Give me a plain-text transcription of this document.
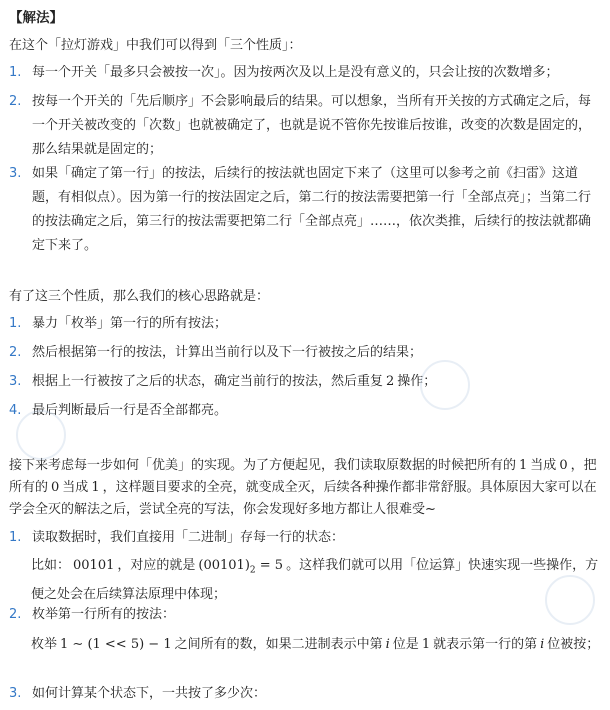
【解法】
在这个「拉灯游戏」中我们可以得到「三个性质」：
1. 每一个开关「最多只会被按一次」。因为按两次及以上是没有意义的，只会让按的次数增多；
2. 按每一个开关的「先后顺序」不会影响最后的结果。可以想象，当所有开关按的方式确定之后，每一个开关被改变的「次数」也就被确定了，也就是说不管你先按谁后按谁，改变的次数是固定的，那么结果就是固定的；
3. 如果「确定了第一行」的按法，后续行的按法就也固定下来了（这里可以参考之前《扫雷》这道题，有相似点）。因为第一行的按法固定之后，第二行的按法需要把第一行「全部点亮」；当第二行的按法确定之后，第三行的按法需要把第二行「全部点亮」……，依次类推，后续行的按法就都确定下来了。
有了这三个性质，那么我们的核心思路就是：
1. 暴力「枚举」第一行的所有按法；
2. 然后根据第一行的按法，计算出当前行以及下一行被按之后的结果；
3. 根据上一行被按了之后的状态，确定当前行的按法，然后重复 2 操作；
4. 最后判断最后一行是否全部都亮。
接下来考虑每一步如何「优美」的实现。为了方便起见，我们读取原数据的时候把所有的 1 当成 0 ，把所有的 0 当成 1 ，这样题目要求的全亮，就变成全灭，后续各种操作都非常舒服。具体原因大家可以在学会全灭的解法之后，尝试全亮的写法，你会发现好多地方都让人很难受~
1. 读取数据时，我们直接用「二进制」存每一行的状态：
比如： 00101 ，对应的就是 $(00101)_2 = 5$ 。这样我们就可以用「位运算」快速实现一些操作，方便之处会在后续算法原理中体现；
2. 枚举第一行所有的按法：
枚举 1 ∼ (1 << 5) − 1 之间所有的数，如果二进制表示中第 i 位是 1 就表示第一行的第 i 位被按；
3. 如何计算某个状态下，一共按了多少次：
